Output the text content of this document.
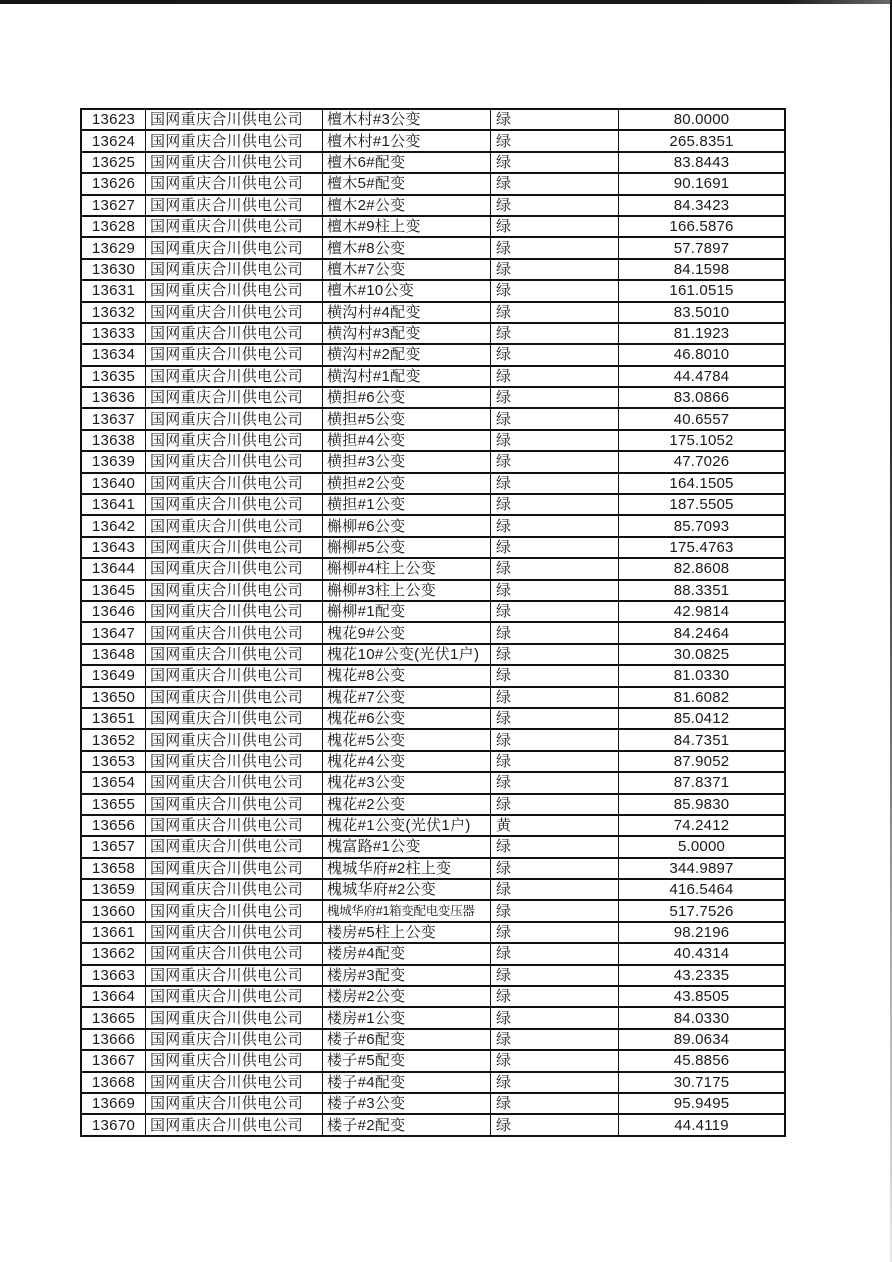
13623 国网重庆合川供电公司	檀木村#3公变	绿	80.0000
13624 国网重庆合川供电公司	檀木村#1公变	绿	265.8351
13625 国网重庆合川供电公司	檀木6#配变	绿	83.8443
13626 国网重庆合川供电公司	檀木5#配变	绿	90.1691
13627 国网重庆合川供电公司	檀木2#公变	绿	84.3423
13628 国网重庆合川供电公司	檀木#9柱上变	绿	166.5876
13629 国网重庆合川供电公司	檀木#8公变	绿	57.7897
13630 国网重庆合川供电公司	檀木#7公变	绿	84.1598
13631 国网重庆合川供电公司	檀木#10公变	绿	161.0515
13632 国网重庆合川供电公司	横沟村#4配变	绿	83.5010
13633 国网重庆合川供电公司	横沟村#3配变	绿	81.1923
13634 国网重庆合川供电公司	横沟村#2配变	绿	46.8010
13635 国网重庆合川供电公司	横沟村#1配变	绿	44.4784
13636 国网重庆合川供电公司	横担#6公变	绿	83.0866
13637 国网重庆合川供电公司	横担#5公变	绿	40.6557
13638 国网重庆合川供电公司	横担#4公变	绿	175.1052
13639 国网重庆合川供电公司	横担#3公变	绿	47.7026
13640 国网重庆合川供电公司	横担#2公变	绿	164.1505
13641 国网重庆合川供电公司	横担#1公变	绿	187.5505
13642 国网重庆合川供电公司	槲柳#6公变	绿	85.7093
13643 国网重庆合川供电公司	槲柳#5公变	绿	175.4763
13644 国网重庆合川供电公司	槲柳#4柱上公变	绿	82.8608
13645 国网重庆合川供电公司	槲柳#3柱上公变	绿	88.3351
13646 国网重庆合川供电公司	槲柳#1配变	绿	42.9814
13647 国网重庆合川供电公司	槐花9#公变	绿	84.2464
13648 国网重庆合川供电公司	槐花10#公变(光伏1户)	绿	30.0825
13649 国网重庆合川供电公司	槐花#8公变	绿	81.0330
13650 国网重庆合川供电公司	槐花#7公变	绿	81.6082
13651 国网重庆合川供电公司	槐花#6公变	绿	85.0412
13652 国网重庆合川供电公司	槐花#5公变	绿	84.7351
13653 国网重庆合川供电公司	槐花#4公变	绿	87.9052
13654 国网重庆合川供电公司	槐花#3公变	绿	87.8371
13655 国网重庆合川供电公司	槐花#2公变	绿	85.9830
13656 国网重庆合川供电公司	槐花#1公变(光伏1户)	黄	74.2412
13657 国网重庆合川供电公司	槐富路#1公变	绿	5.0000
13658 国网重庆合川供电公司	槐城华府#2柱上变	绿	344.9897
13659 国网重庆合川供电公司	槐城华府#2公变	绿	416.5464
13660 国网重庆合川供电公司	槐城华府#1箱变配电变压器	绿	517.7526
13661 国网重庆合川供电公司	楼房#5柱上公变	绿	98.2196
13662 国网重庆合川供电公司	楼房#4配变	绿	40.4314
13663 国网重庆合川供电公司	楼房#3配变	绿	43.2335
13664 国网重庆合川供电公司	楼房#2公变	绿	43.8505
13665 国网重庆合川供电公司	楼房#1公变	绿	84.0330
13666 国网重庆合川供电公司	楼子#6配变	绿	89.0634
13667 国网重庆合川供电公司	楼子#5配变	绿	45.8856
13668 国网重庆合川供电公司	楼子#4配变	绿	30.7175
13669 国网重庆合川供电公司	楼子#3公变	绿	95.9495
13670 国网重庆合川供电公司	楼子#2配变	绿	44.4119
